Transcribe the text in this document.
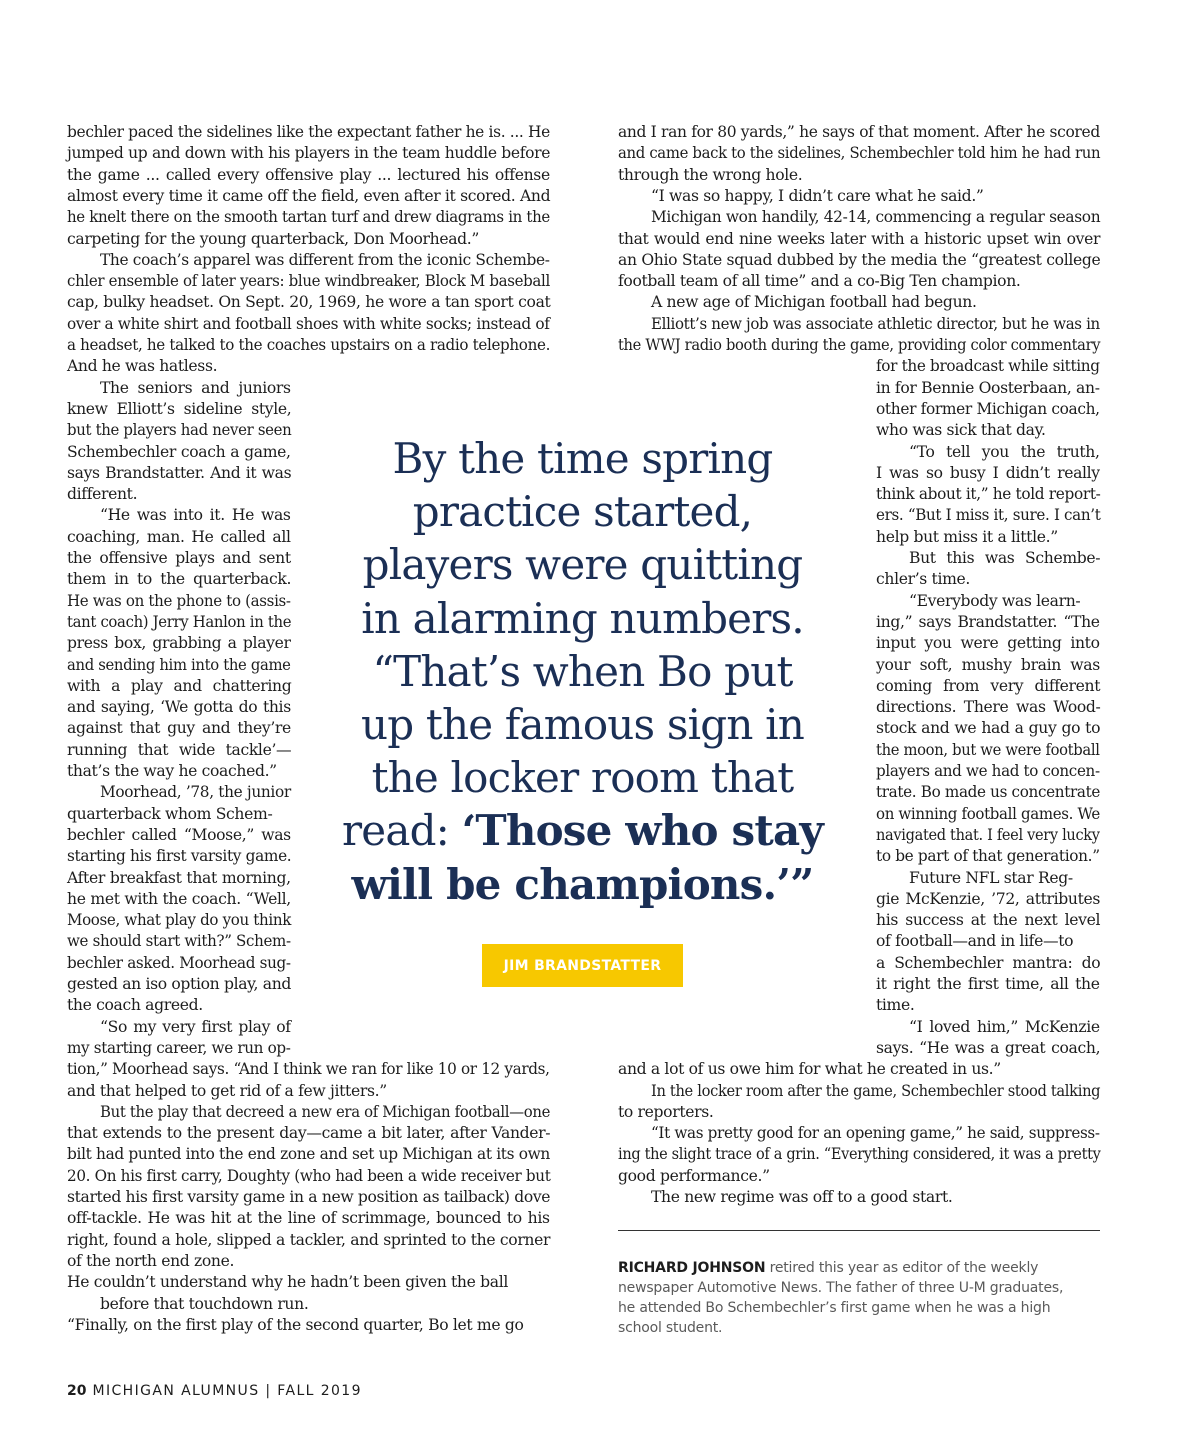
bechler paced the sidelines like the expectant father he is. ... He
jumped up and down with his players in the team huddle before
the game ... called every offensive play ... lectured his offense
almost every time it came off the field, even after it scored. And
he knelt there on the smooth tartan turf and drew diagrams in the
carpeting for the young quarterback, Don Moorhead.”
The coach’s apparel was different from the iconic Schembe-
chler ensemble of later years: blue windbreaker, Block M baseball
cap, bulky headset. On Sept. 20, 1969, he wore a tan sport coat
over a white shirt and football shoes with white socks; instead of
a headset, he talked to the coaches upstairs on a radio telephone.
And he was hatless.
The seniors and juniors
knew Elliott’s sideline style,
but the players had never seen
Schembechler coach a game,
says Brandstatter. And it was
different.
“He was into it. He was
coaching, man. He called all
the offensive plays and sent
them in to the quarterback.
He was on the phone to (assis-
tant coach) Jerry Hanlon in the
press box, grabbing a player
and sending him into the game
with a play and chattering
and saying, ‘We gotta do this
against that guy and they’re
running that wide tackle’—
that’s the way he coached.”
Moorhead, ’78, the junior
quarterback whom Schem-
bechler called “Moose,” was
starting his first varsity game.
After breakfast that morning,
he met with the coach. “Well,
Moose, what play do you think
we should start with?” Schem-
bechler asked. Moorhead sug-
gested an iso option play, and
the coach agreed.
“So my very first play of
my starting career, we run op-
tion,” Moorhead says. “And I think we ran for like 10 or 12 yards,
and that helped to get rid of a few jitters.”
But the play that decreed a new era of Michigan football—one
that extends to the present day—came a bit later, after Vander-
bilt had punted into the end zone and set up Michigan at its own
20. On his first carry, Doughty (who had been a wide receiver but
started his first varsity game in a new position as tailback) dove
off-tackle. He was hit at the line of scrimmage, bounced to his
right, found a hole, slipped a tackler, and sprinted to the corner
of the north end zone.
He couldn’t understand why he hadn’t been given the ball
before that touchdown run.
“Finally, on the first play of the second quarter, Bo let me go
and I ran for 80 yards,” he says of that moment. After he scored
and came back to the sidelines, Schembechler told him he had run
through the wrong hole.
“I was so happy, I didn’t care what he said.”
Michigan won handily, 42-14, commencing a regular season
that would end nine weeks later with a historic upset win over
an Ohio State squad dubbed by the media the “greatest college
football team of all time” and a co-Big Ten champion.
A new age of Michigan football had begun.
Elliott’s new job was associate athletic director, but he was in
the WWJ radio booth during the game, providing color commentary
for the broadcast while sitting
in for Bennie Oosterbaan, an-
other former Michigan coach,
who was sick that day.
“To tell you the truth,
I was so busy I didn’t really
think about it,” he told report-
ers. “But I miss it, sure. I can’t
help but miss it a little.”
But this was Schembe-
chler’s time.
“Everybody was learn-
ing,” says Brandstatter. “The
input you were getting into
your soft, mushy brain was
coming from very different
directions. There was Wood-
stock and we had a guy go to
the moon, but we were football
players and we had to concen-
trate. Bo made us concentrate
on winning football games. We
navigated that. I feel very lucky
to be part of that generation.”
Future NFL star Reg-
gie McKenzie, ’72, attributes
his success at the next level
of football—and in life—to
a Schembechler mantra: do
it right the first time, all the
time.
“I loved him,” McKenzie
says. “He was a great coach,
and a lot of us owe him for what he created in us.”
In the locker room after the game, Schembechler stood talking
to reporters.
“It was pretty good for an opening game,” he said, suppress-
ing the slight trace of a grin. “Everything considered, it was a pretty
good performance.”
The new regime was off to a good start.
By the time spring
practice started,
players were quitting
in alarming numbers.
“That’s when Bo put
up the famous sign in
the locker room that
read: ‘Those who stay
will be champions.’”
JIM BRANDSTATTER
RICHARD JOHNSON retired this year as editor of the weekly
newspaper Automotive News. The father of three U-M graduates,
he attended Bo Schembechler’s first game when he was a high
school student.
20 MICHIGAN ALUMNUS | FALL 2019
